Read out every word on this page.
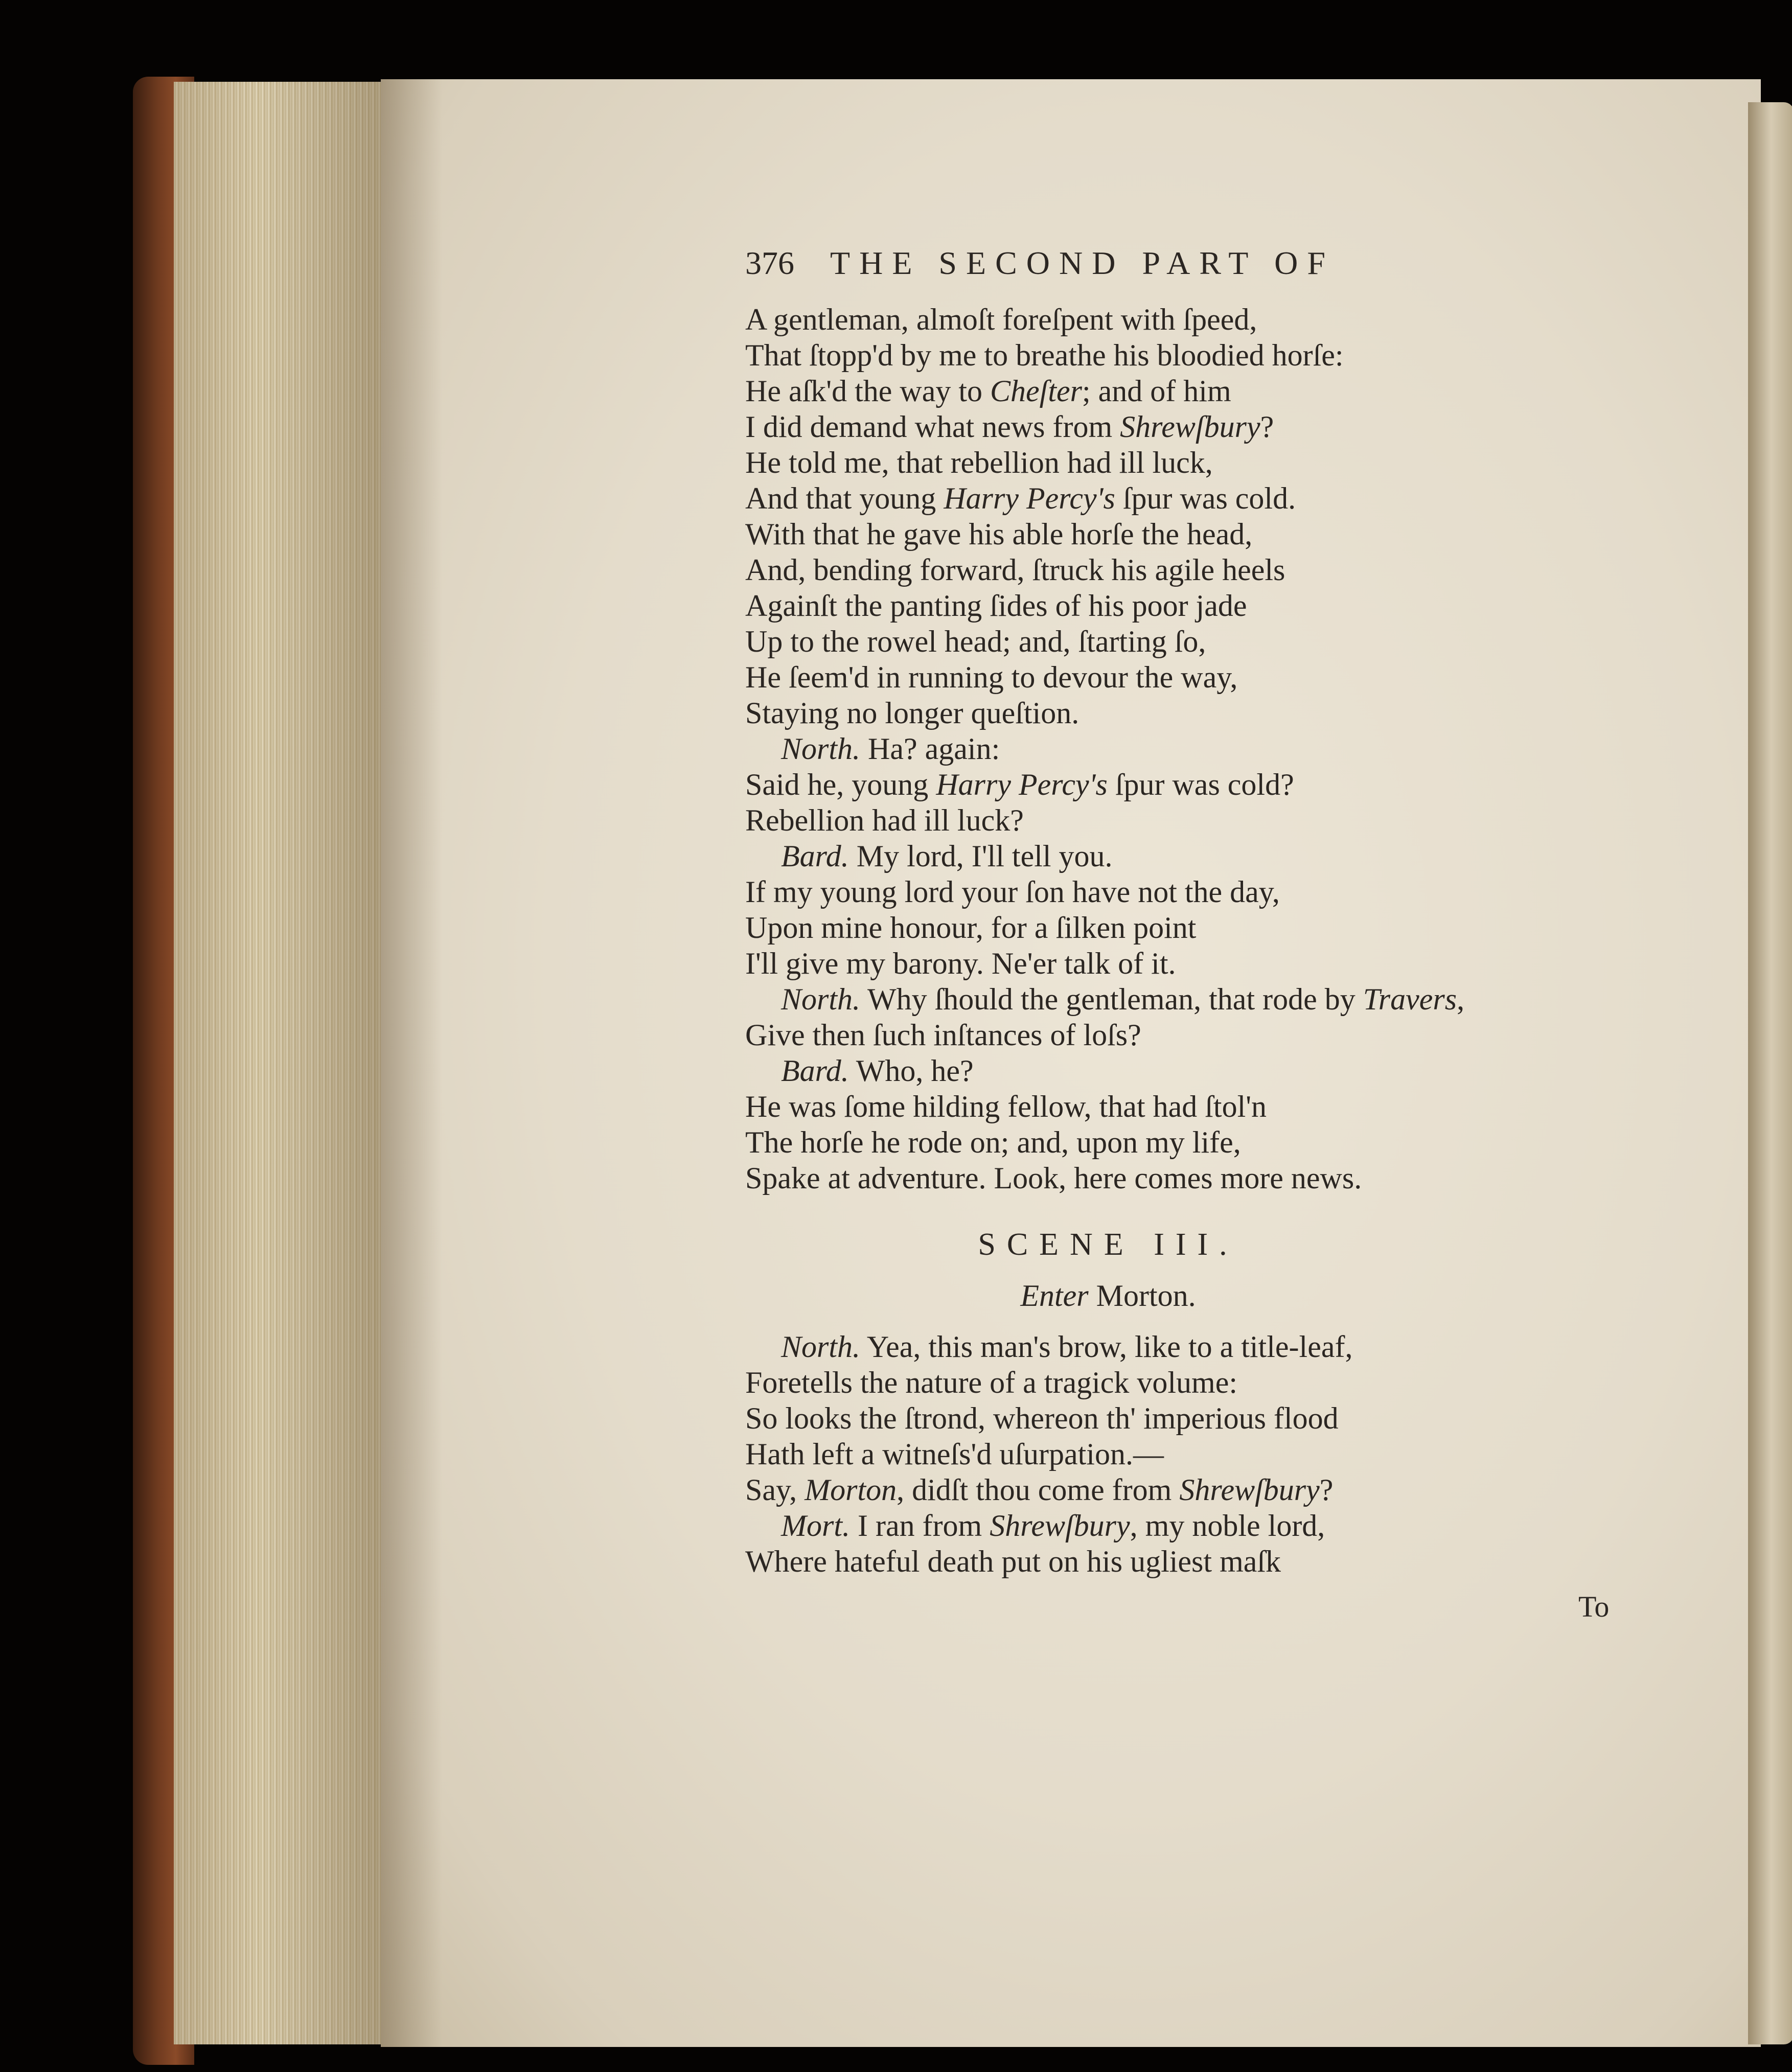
376 THE SECOND PART OF
A gentleman, almoſt foreſpent with ſpeed,
That ſtopp'd by me to breathe his bloodied horſe:
He aſk'd the way to Cheſter; and of him
I did demand what news from Shrewſbury?
He told me, that rebellion had ill luck,
And that young Harry Percy's ſpur was cold.
With that he gave his able horſe the head,
And, bending forward, ſtruck his agile heels
Againſt the panting ſides of his poor jade
Up to the rowel head; and, ſtarting ſo,
He ſeem'd in running to devour the way,
Staying no longer queſtion.
North. Ha? again:
Said he, young Harry Percy's ſpur was cold?
Rebellion had ill luck?
Bard. My lord, I'll tell you.
If my young lord your ſon have not the day,
Upon mine honour, for a ſilken point
I'll give my barony. Ne'er talk of it.
North. Why ſhould the gentleman, that rode by Travers,
Give then ſuch inſtances of loſs?
Bard. Who, he?
He was ſome hilding fellow, that had ſtol'n
The horſe he rode on; and, upon my life,
Spake at adventure. Look, here comes more news.
SCENE III.
Enter Morton.
North. Yea, this man's brow, like to a title-leaf,
Foretells the nature of a tragick volume:
So looks the ſtrond, whereon th' imperious flood
Hath left a witneſs'd uſurpation.—
Say, Morton, didſt thou come from Shrewſbury?
Mort. I ran from Shrewſbury, my noble lord,
Where hateful death put on his ugliest maſk
To
